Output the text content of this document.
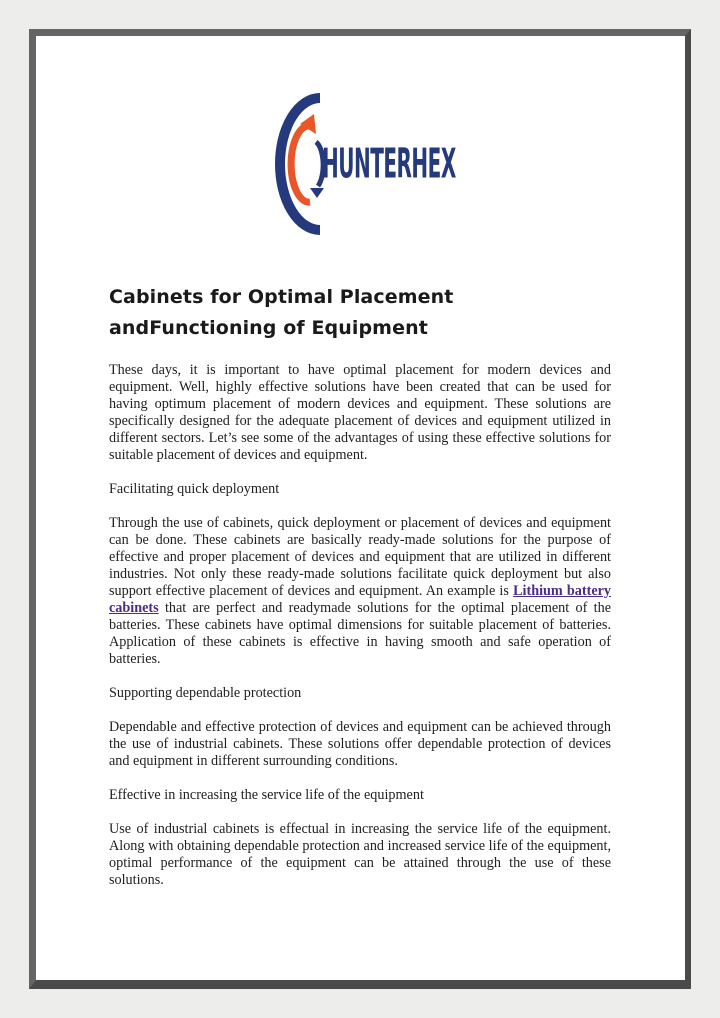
HUNTERHEX
Cabinets for Optimal Placement andFunctioning of Equipment

These days, it is important to have optimal placement for modern devices and equipment. Well, highly effective solutions have been created that can be used for having optimum placement of modern devices and equipment. These solutions are specifically designed for the adequate placement of devices and equipment utilized in different sectors. Let’s see some of the advantages of using these effective solutions for suitable placement of devices and equipment.

Facilitating quick deployment

Through the use of cabinets, quick deployment or placement of devices and equipment can be done. These cabinets are basically ready-made solutions for the purpose of effective and proper placement of devices and equipment that are utilized in different industries. Not only these ready-made solutions facilitate quick deployment but also support effective placement of devices and equipment. An example is Lithium battery cabinets that are perfect and readymade solutions for the optimal placement of the batteries. These cabinets have optimal dimensions for suitable placement of batteries. Application of these cabinets is effective in having smooth and safe operation of batteries.

Supporting dependable protection

Dependable and effective protection of devices and equipment can be achieved through the use of industrial cabinets. These solutions offer dependable protection of devices and equipment in different surrounding conditions.

Effective in increasing the service life of the equipment

Use of industrial cabinets is effectual in increasing the service life of the equipment. Along with obtaining dependable protection and increased service life of the equipment, optimal performance of the equipment can be attained through the use of these solutions.
